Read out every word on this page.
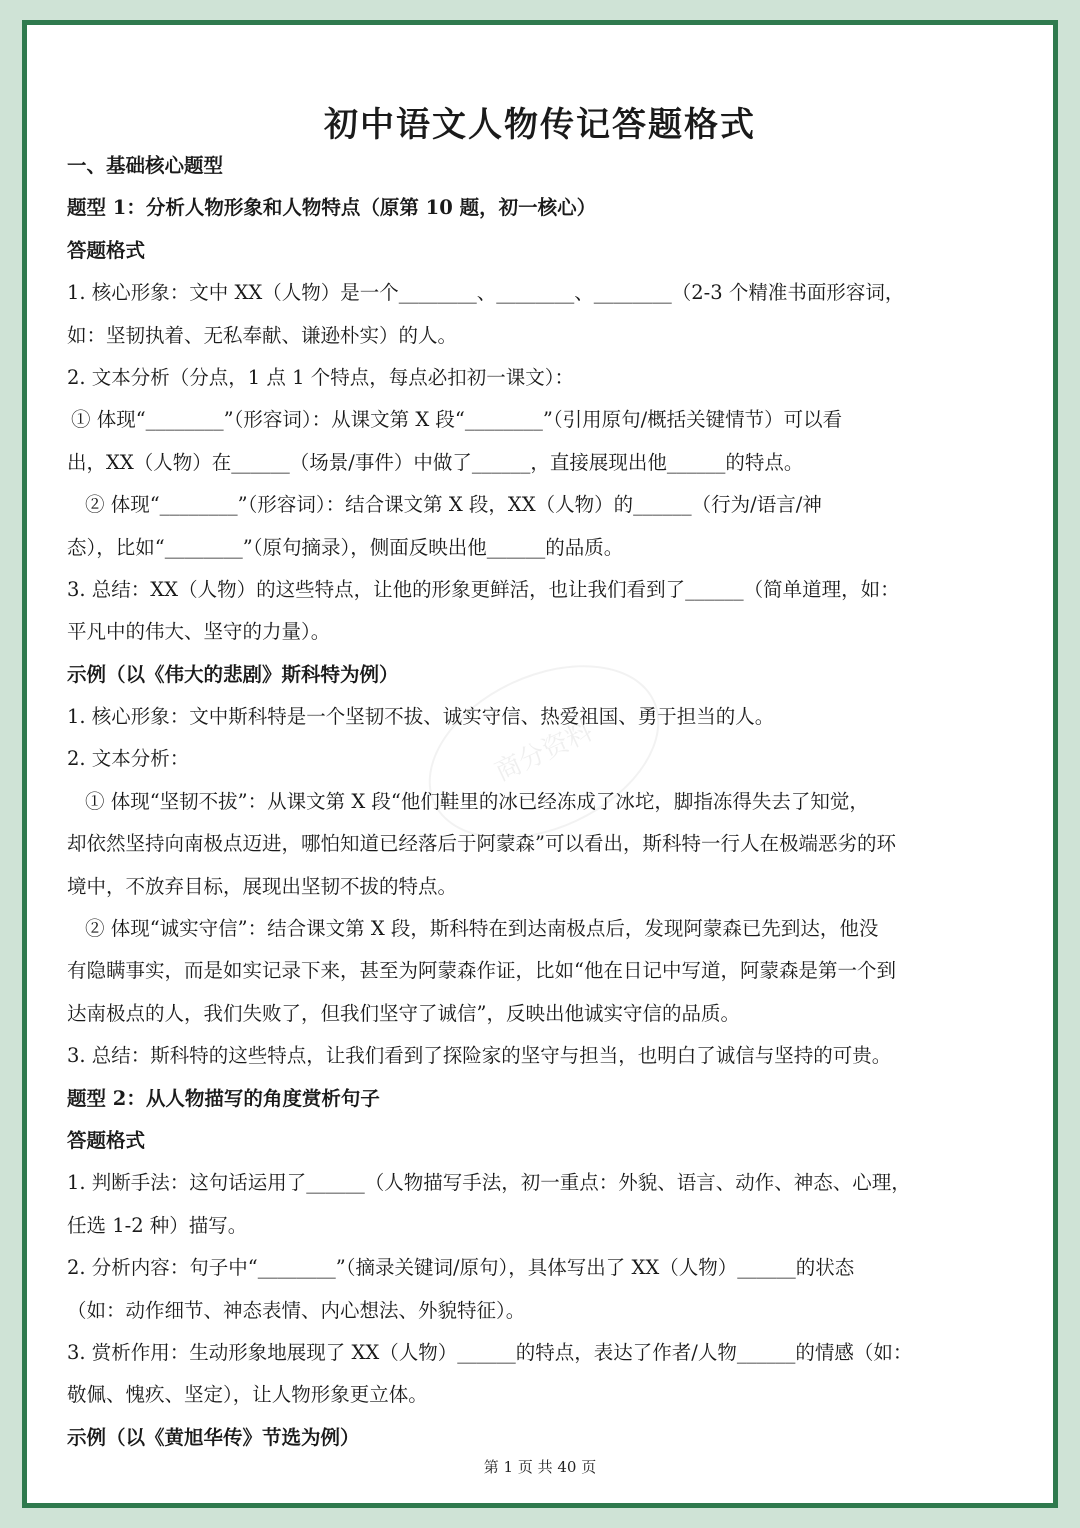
初中语文人物传记答题格式
商分资料
一、基础核心题型
题型 1：分析人物形象和人物特点（原第 10 题，初一核心）
答题格式
1. 核心形象：文中 XX（人物）是一个________、________、________（2-3 个精准书面形容词，
如：坚韧执着、无私奉献、谦逊朴实）的人。
2. 文本分析（分点，1 点 1 个特点，每点必扣初一课文）：
① 体现“________”（形容词）：从课文第 X 段“________”（引用原句/概括关键情节）可以看
出，XX（人物）在______（场景/事件）中做了______，直接展现出他______的特点。
② 体现“________”（形容词）：结合课文第 X 段，XX（人物）的______（行为/语言/神
态），比如“________”（原句摘录），侧面反映出他______的品质。
3. 总结：XX（人物）的这些特点，让他的形象更鲜活，也让我们看到了______（简单道理，如：
平凡中的伟大、坚守的力量）。
示例（以《伟大的悲剧》斯科特为例）
1. 核心形象：文中斯科特是一个坚韧不拔、诚实守信、热爱祖国、勇于担当的人。
2. 文本分析：
① 体现“坚韧不拔”：从课文第 X 段“他们鞋里的冰已经冻成了冰坨，脚指冻得失去了知觉，
却依然坚持向南极点迈进，哪怕知道已经落后于阿蒙森”可以看出，斯科特一行人在极端恶劣的环
境中，不放弃目标，展现出坚韧不拔的特点。
② 体现“诚实守信”：结合课文第 X 段，斯科特在到达南极点后，发现阿蒙森已先到达，他没
有隐瞒事实，而是如实记录下来，甚至为阿蒙森作证，比如“他在日记中写道，阿蒙森是第一个到
达南极点的人，我们失败了，但我们坚守了诚信”，反映出他诚实守信的品质。
3. 总结：斯科特的这些特点，让我们看到了探险家的坚守与担当，也明白了诚信与坚持的可贵。
题型 2：从人物描写的角度赏析句子
答题格式
1. 判断手法：这句话运用了______（人物描写手法，初一重点：外貌、语言、动作、神态、心理，
任选 1-2 种）描写。
2. 分析内容：句子中“________”（摘录关键词/原句），具体写出了 XX（人物）______的状态
（如：动作细节、神态表情、内心想法、外貌特征）。
3. 赏析作用：生动形象地展现了 XX（人物）______的特点，表达了作者/人物______的情感（如：
敬佩、愧疚、坚定），让人物形象更立体。
示例（以《黄旭华传》节选为例）
第 1 页 共 40 页
